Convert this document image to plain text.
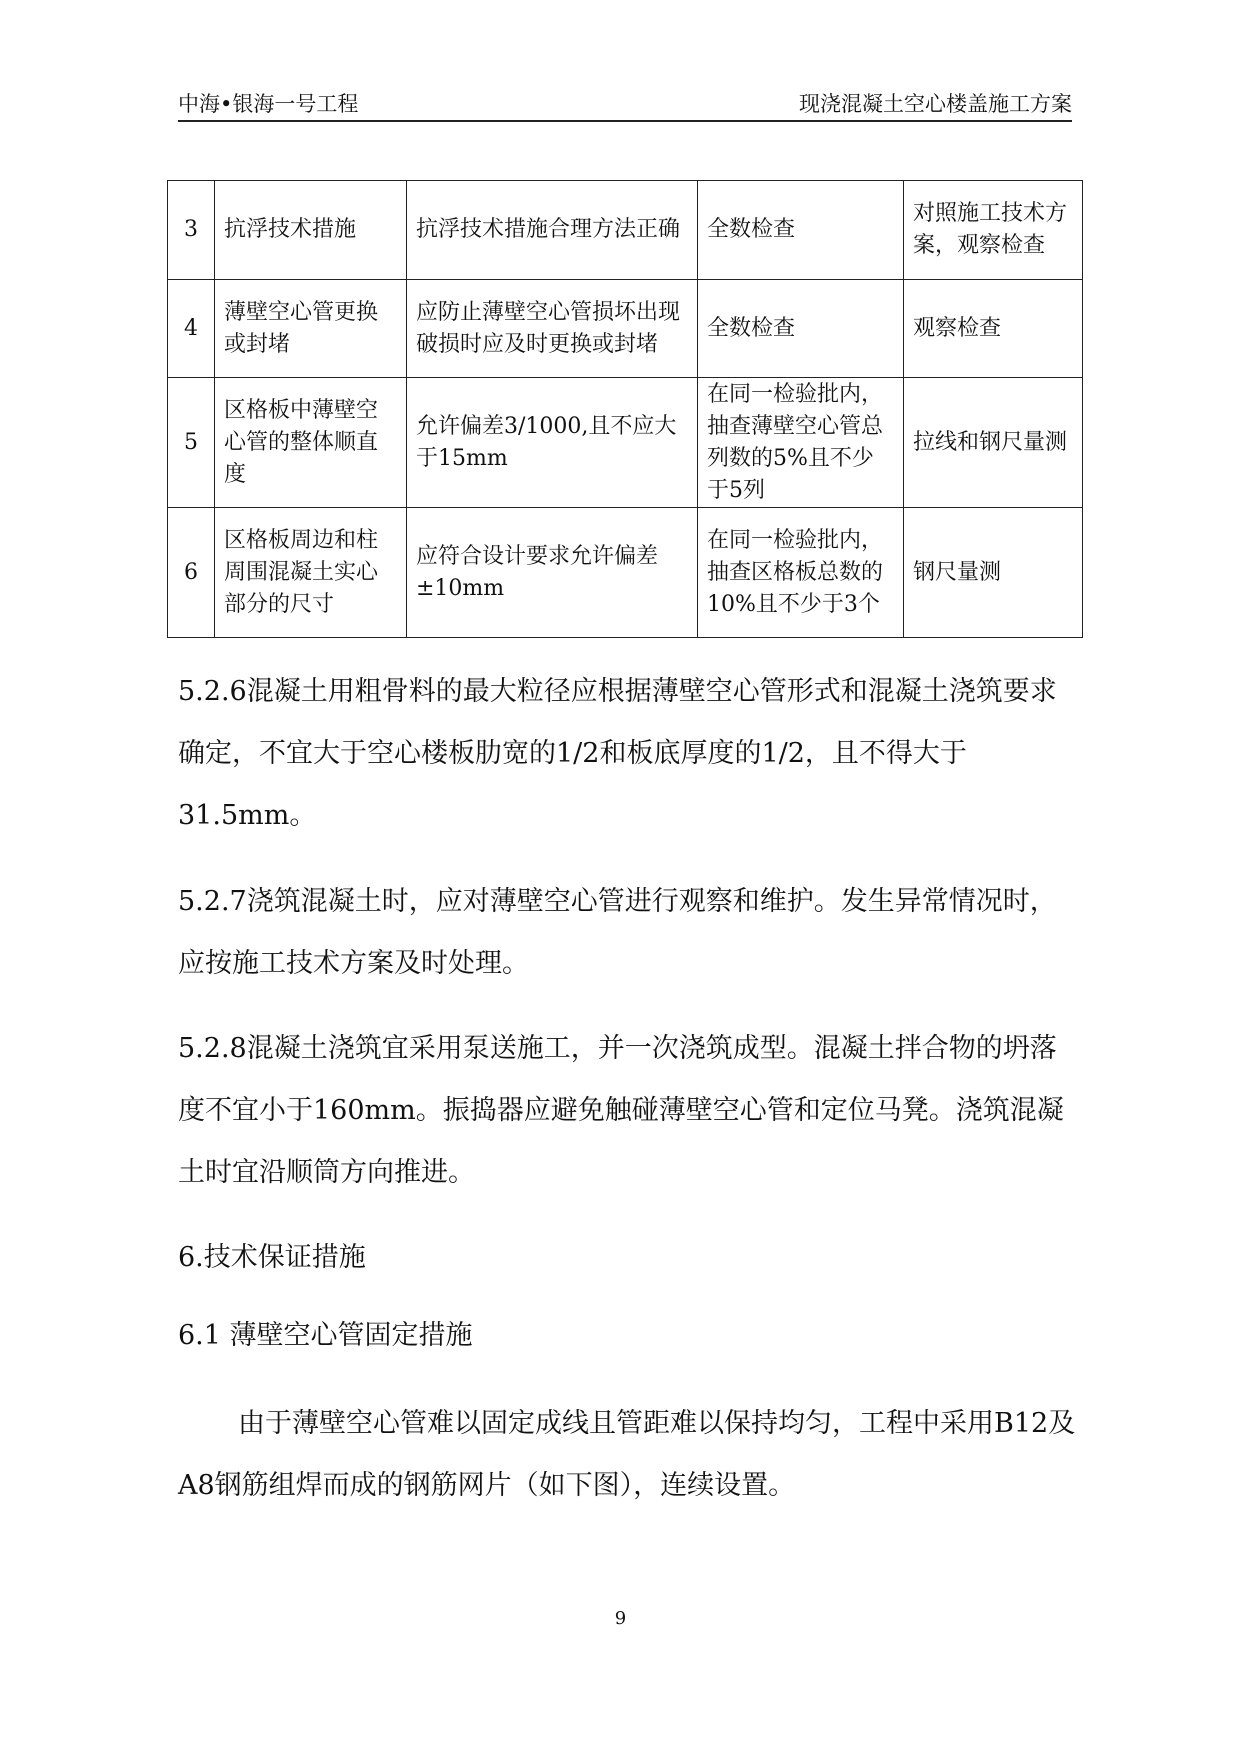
中海•银海一号工程	现浇混凝土空心楼盖施工方案
3	抗浮技术措施	抗浮技术措施合理方法正确	全数检查	对照施工技术方案，观察检查
4	薄壁空心管更换或封堵	应防止薄壁空心管损坏出现破损时应及时更换或封堵	全数检查	观察检查
5	区格板中薄壁空心管的整体顺直度	允许偏差3/1000,且不应大于15mm	在同一检验批内，抽查薄壁空心管总列数的5%且不少于5列	拉线和钢尺量测
6	区格板周边和柱周围混凝土实心部分的尺寸	应符合设计要求允许偏差±10mm	在同一检验批内，抽查区格板总数的10%且不少于3个	钢尺量测

5.2.6混凝土用粗骨料的最大粒径应根据薄壁空心管形式和混凝土浇筑要求确定，不宜大于空心楼板肋宽的1/2和板底厚度的1/2，且不得大于31.5mm。

5.2.7浇筑混凝土时，应对薄壁空心管进行观察和维护。发生异常情况时，应按施工技术方案及时处理。

5.2.8混凝土浇筑宜采用泵送施工，并一次浇筑成型。混凝土拌合物的坍落度不宜小于160mm。振捣器应避免触碰薄壁空心管和定位马凳。浇筑混凝土时宜沿顺筒方向推进。

6.技术保证措施

6.1 薄壁空心管固定措施

由于薄壁空心管难以固定成线且管距难以保持均匀，工程中采用B12及A8钢筋组焊而成的钢筋网片（如下图），连续设置。

9
